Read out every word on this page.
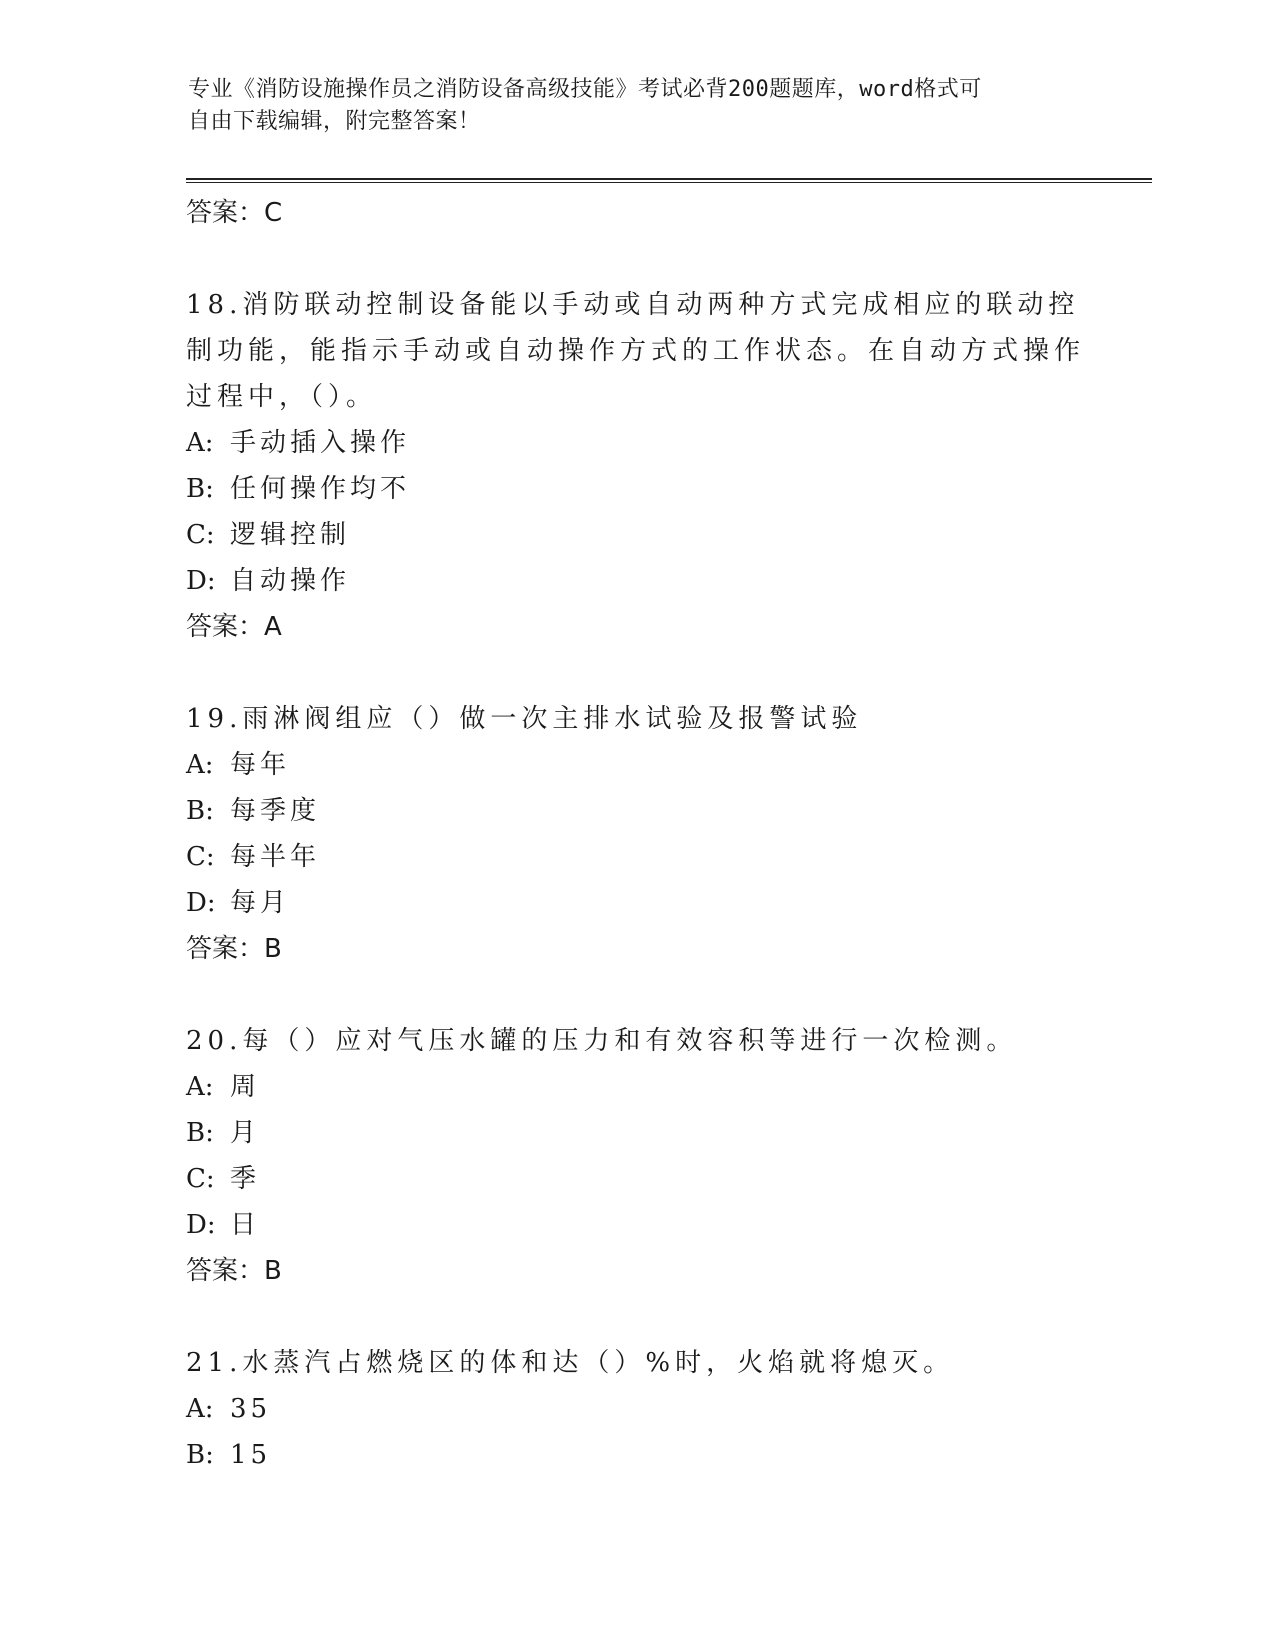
专业《消防设施操作员之消防设备高级技能》考试必背200题题库，word格式可
自由下载编辑，附完整答案！
答案：C
18.消防联动控制设备能以手动或自动两种方式完成相应的联动控制功能，能指示手动或自动操作方式的工作状态。在自动方式操作过程中，（）。
A: 手动插入操作
B: 任何操作均不
C: 逻辑控制
D: 自动操作
答案：A
19.雨淋阀组应（）做一次主排水试验及报警试验
A: 每年
B: 每季度
C: 每半年
D: 每月
答案：B
20.每（）应对气压水罐的压力和有效容积等进行一次检测。
A: 周
B: 月
C: 季
D: 日
答案：B
21.水蒸汽占燃烧区的体和达（）%时，火焰就将熄灭。
A: 35
B: 15
